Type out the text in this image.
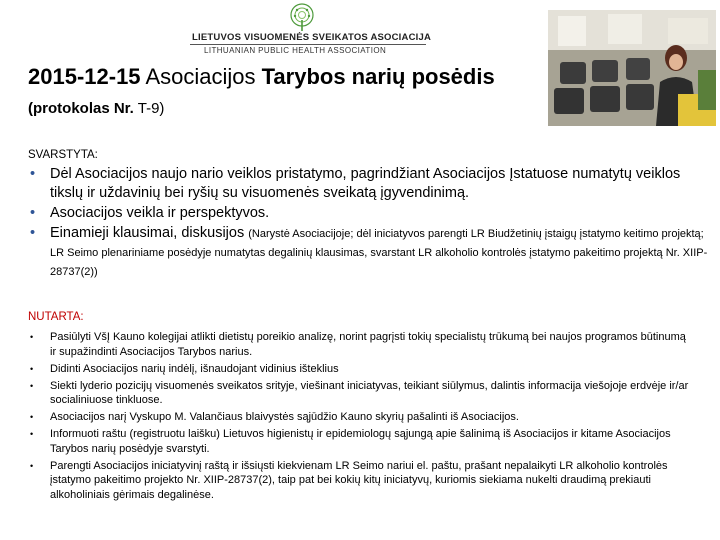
LIETUVOS VISUOMENĖS SVEIKATOS ASOCIACIJA
LITHUANIAN PUBLIC HEALTH ASSOCIATION
2015-12-15 Asociacijos Tarybos narių posėdis
(protokolas Nr. T-9)
SVARSTYTA:
• Dėl Asociacijos naujo nario veiklos pristatymo, pagrindžiant Asociacijos Įstatuose numatytų veiklos tikslų ir uždavinių bei ryšių su visuomenės sveikatą įgyvendinimą.
• Asociacijos veikla ir perspektyvos.
• Einamieji klausimai, diskusijos (Narystė Asociacijoje; dėl iniciatyvos parengti LR Biudžetinių įstaigų įstatymo keitimo projektą; LR Seimo plenariniame posėdyje numatytas degalinių klausimas, svarstant LR alkoholio kontrolės įstatymo pakeitimo projektą Nr. XIIP-28737(2))
NUTARTA:
• Pasiūlyti VšĮ Kauno kolegijai atlikti dietistų poreikio analizę, norint pagrįsti tokių specialistų trūkumą bei naujos programos būtinumą ir supažindinti Asociacijos Tarybos narius.
• Didinti Asociacijos narių indėlį, išnaudojant vidinius išteklius
• Siekti lyderio pozicijų visuomenės sveikatos srityje, viešinant iniciatyvas, teikiant siūlymus, dalintis informacija viešojoje erdvėje ir/ar socialiniuose tinkluose.
• Asociacijos narį Vyskupo M. Valančiaus blaivystės sąjūdžio Kauno skyrių pašalinti iš Asociacijos.
• Informuoti raštu (registruotu laišku) Lietuvos higienistų ir epidemiologų sąjungą apie šalinimą iš Asociacijos ir kitame Asociacijos Tarybos narių posėdyje svarstyti.
• Parengti Asociacijos iniciatyvinį raštą ir išsiųsti kiekvienam LR Seimo nariui el. paštu, prašant nepalaikyti LR alkoholio kontrolės įstatymo pakeitimo projekto Nr. XIIP-28737(2), taip pat bei kokių kitų iniciatyvų, kuriomis siekiama nukelti draudimą prekiauti alkoholiniais gėrimais degalinėse.
